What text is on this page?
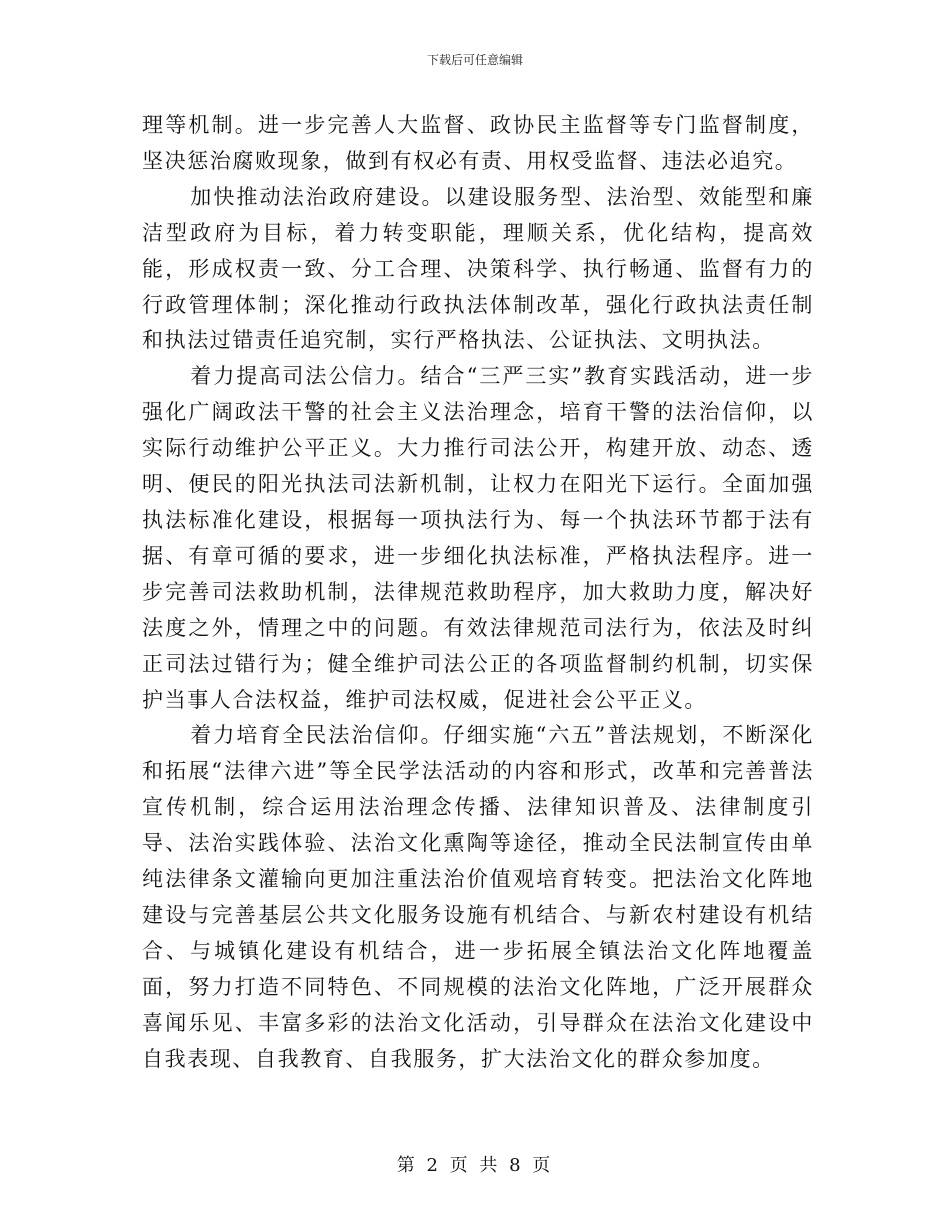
下载后可任意编辑

理等机制。进一步完善人大监督、政协民主监督等专门监督制度，坚决惩治腐败现象，做到有权必有责、用权受监督、违法必追究。

加快推动法治政府建设。以建设服务型、法治型、效能型和廉洁型政府为目标，着力转变职能，理顺关系，优化结构，提高效能，形成权责一致、分工合理、决策科学、执行畅通、监督有力的行政管理体制；深化推动行政执法体制改革，强化行政执法责任制和执法过错责任追究制，实行严格执法、公证执法、文明执法。

着力提高司法公信力。结合“三严三实”教育实践活动，进一步强化广阔政法干警的社会主义法治理念，培育干警的法治信仰，以实际行动维护公平正义。大力推行司法公开，构建开放、动态、透明、便民的阳光执法司法新机制，让权力在阳光下运行。全面加强执法标准化建设，根据每一项执法行为、每一个执法环节都于法有据、有章可循的要求，进一步细化执法标准，严格执法程序。进一步完善司法救助机制，法律规范救助程序，加大救助力度，解决好法度之外，情理之中的问题。有效法律规范司法行为，依法及时纠正司法过错行为；健全维护司法公正的各项监督制约机制，切实保护当事人合法权益，维护司法权威，促进社会公平正义。

着力培育全民法治信仰。仔细实施“六五”普法规划，不断深化和拓展“法律六进”等全民学法活动的内容和形式，改革和完善普法宣传机制，综合运用法治理念传播、法律知识普及、法律制度引导、法治实践体验、法治文化熏陶等途径，推动全民法制宣传由单纯法律条文灌输向更加注重法治价值观培育转变。把法治文化阵地建设与完善基层公共文化服务设施有机结合、与新农村建设有机结合、与城镇化建设有机结合，进一步拓展全镇法治文化阵地覆盖面，努力打造不同特色、不同规模的法治文化阵地，广泛开展群众喜闻乐见、丰富多彩的法治文化活动，引导群众在法治文化建设中自我表现、自我教育、自我服务，扩大法治文化的群众参加度。

第 2 页 共 8 页
